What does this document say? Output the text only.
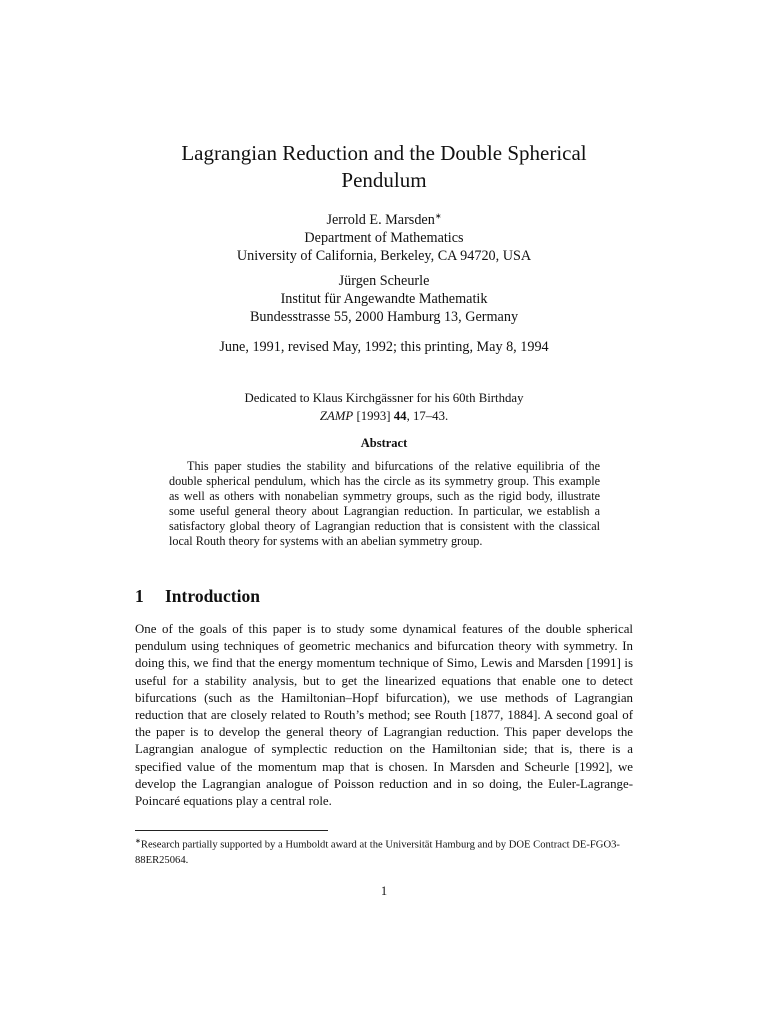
Lagrangian Reduction and the Double Spherical
Pendulum
Jerrold E. Marsden∗
Department of Mathematics
University of California, Berkeley, CA 94720, USA
Jürgen Scheurle
Institut für Angewandte Mathematik
Bundesstrasse 55, 2000 Hamburg 13, Germany
June, 1991, revised May, 1992; this printing, May 8, 1994
Dedicated to Klaus Kirchgässner for his 60th Birthday
ZAMP [1993] 44, 17–43.
Abstract
This paper studies the stability and bifurcations of the relative equilibria of the double spherical pendulum, which has the circle as its symmetry group. This example as well as others with nonabelian symmetry groups, such as the rigid body, illustrate some useful general theory about Lagrangian reduction. In particular, we establish a satisfactory global theory of Lagrangian reduction that is consistent with the classical local Routh theory for systems with an abelian symmetry group.
1 Introduction
One of the goals of this paper is to study some dynamical features of the double spherical pendulum using techniques of geometric mechanics and bifurcation theory with symmetry. In doing this, we find that the energy momentum technique of Simo, Lewis and Marsden [1991] is useful for a stability analysis, but to get the linearized equations that enable one to detect bifurcations (such as the Hamiltonian–Hopf bifurcation), we use methods of Lagrangian reduction that are closely related to Routh’s method; see Routh [1877, 1884]. A second goal of the paper is to develop the general theory of Lagrangian reduction. This paper develops the Lagrangian analogue of symplectic reduction on the Hamiltonian side; that is, there is a specified value of the momentum map that is chosen. In Marsden and Scheurle [1992], we develop the Lagrangian analogue of Poisson reduction and in so doing, the Euler-Lagrange-Poincaré equations play a central role.
∗Research partially supported by a Humboldt award at the Universität Hamburg and by DOE Contract DE-FGO3-88ER25064.
1
